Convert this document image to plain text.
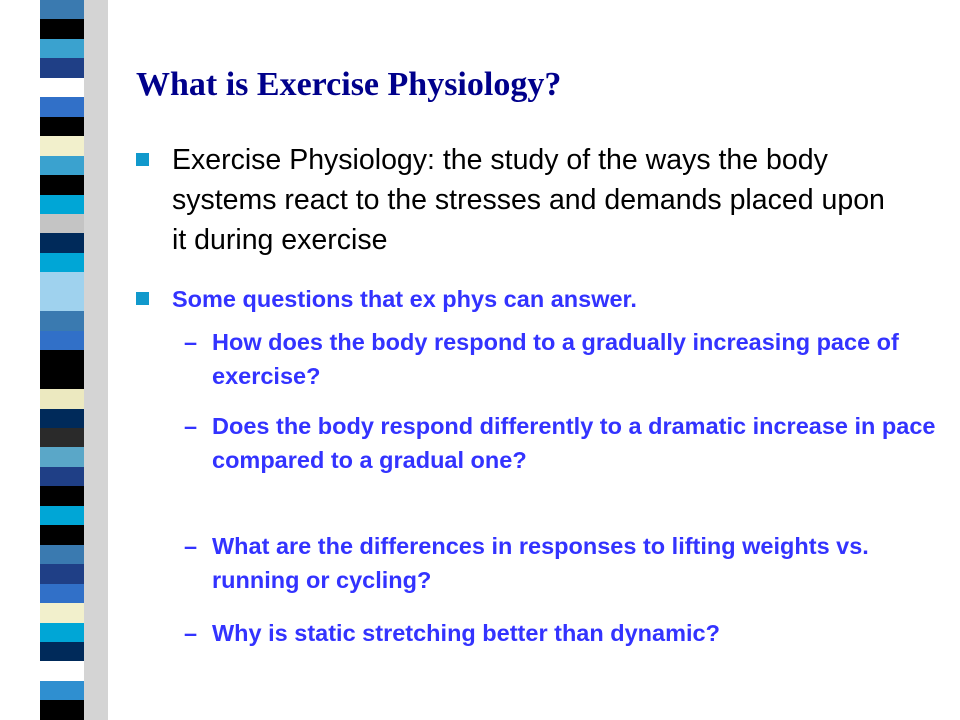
What is Exercise Physiology?
Exercise Physiology: the study of the ways the body systems react to the stresses and demands placed upon it during exercise
Some questions that ex phys can answer.
– How does the body respond to a gradually increasing pace of exercise?
– Does the body respond differently to a dramatic increase in pace compared to a gradual one?
– What are the differences in responses to lifting weights vs. running or cycling?
– Why is static stretching better than dynamic?
